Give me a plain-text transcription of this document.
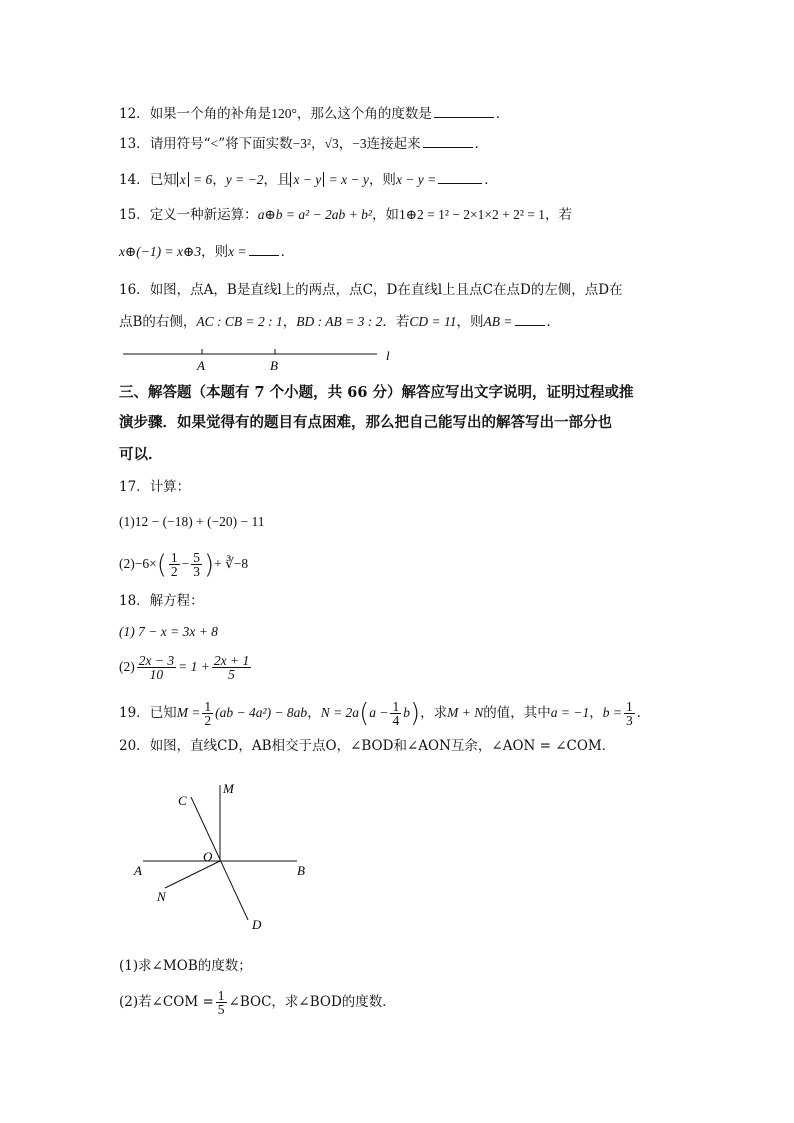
12．如果一个角的补角是120°，那么这个角的度数是	．
13．请用符号“<”将下面实数−3²，√3，−3连接起来	．
14．已知 x = 6，y = −2，且 x − y = x − y，则x − y =	．
15．定义一种新运算：a⊕b = a² − 2ab + b²，如1⊕2 = 1² − 2×1×2 + 2² = 1，若
x⊕(−1) = x⊕3，则x =	．
16．如图，点A，B是直线l上的两点，点C，D在直线l上且点C在点D的左侧，点D在
点B的右侧，AC : CB = 2 : 1，BD : AB = 3 : 2．若CD = 11，则AB =	．
A	B
l
三、解答题（本题有 7 个小题，共 66 分）解答应写出文字说明，证明过程或推
演步骤．如果觉得有的题目有点困难，那么把自己能写出的解答写出一部分也
可以．
17．计算：
(1)12 − (−18) + (−20) − 11
$(2)-6\times( \frac{1}{2} - \frac{5}{3}$ )+ ∛−8
18．解方程：
(1) 7 − x = 3x + 8
$(2) \frac{2x - 3}{10} = 1 + \frac{2x + 1}{5}$
19．已知$M = \frac{1}{2} (ab - 4a^2) - 8ab$，$N = 2a(a - \frac{1}{4} b)$，求M + N的值，其中a = −1，$b = \frac{1}{3}$ ．
20．如图，直线CD，AB相交于点O，∠BOD和∠AON互余，∠AON = ∠COM．
C
M
O
A	B
N
D
(1)求∠MOB的度数；
(2)若∠COM = $\frac{1}{5}$ ∠BOC，求∠BOD的度数．
